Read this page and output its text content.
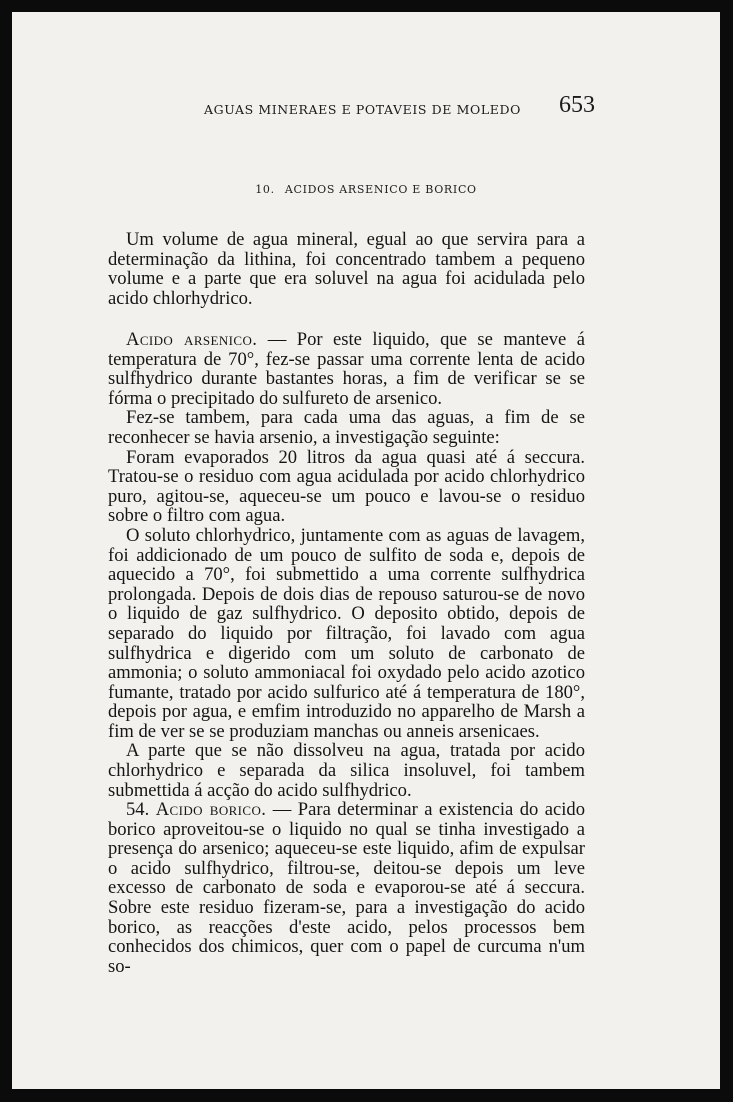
AGUAS MINERAES E POTAVEIS DE MOLEDO 653
10. ACIDOS ARSENICO E BORICO

Um volume de agua mineral, egual ao que servira para a determinação da lithina, foi concentrado tambem a pequeno volume e a parte que era soluvel na agua foi acidulada pelo acido chlorhydrico.

Acido arsenico. — Por este liquido, que se manteve á temperatura de 70°, fez-se passar uma corrente lenta de acido sulfhydrico durante bastantes horas, a fim de verificar se se fórma o precipitado do sulfureto de arsenico.

Fez-se tambem, para cada uma das aguas, a fim de se reconhecer se havia arsenio, a investigação seguinte:

Foram evaporados 20 litros da agua quasi até á seccura. Tratou-se o residuo com agua acidulada por acido chlorhydrico puro, agitou-se, aqueceu-se um pouco e lavou-se o residuo sobre o filtro com agua.

O soluto chlorhydrico, juntamente com as aguas de lavagem, foi addicionado de um pouco de sulfito de soda e, depois de aquecido a 70°, foi submettido a uma corrente sulfhydrica prolongada. Depois de dois dias de repouso saturou-se de novo o liquido de gaz sulfhydrico. O deposito obtido, depois de separado do liquido por filtração, foi lavado com agua sulfhydrica e digerido com um soluto de carbonato de ammonia; o soluto ammoniacal foi oxydado pelo acido azotico fumante, tratado por acido sulfurico até á temperatura de 180°, depois por agua, e emfim introduzido no apparelho de Marsh a fim de ver se se produziam manchas ou anneis arsenicaes.

A parte que se não dissolveu na agua, tratada por acido chlorhydrico e separada da silica insoluvel, foi tambem submettida á acção do acido sulfhydrico.

54. Acido borico. — Para determinar a existencia do acido borico aproveitou-se o liquido no qual se tinha investigado a presença do arsenico; aqueceu-se este liquido, afim de expulsar o acido sulfhydrico, filtrou-se, deitou-se depois um leve excesso de carbonato de soda e evaporou-se até á seccura. Sobre este residuo fizeram-se, para a investigação do acido borico, as reacções d'este acido, pelos processos bem conhecidos dos chimicos, quer com o papel de curcuma n'um so-
